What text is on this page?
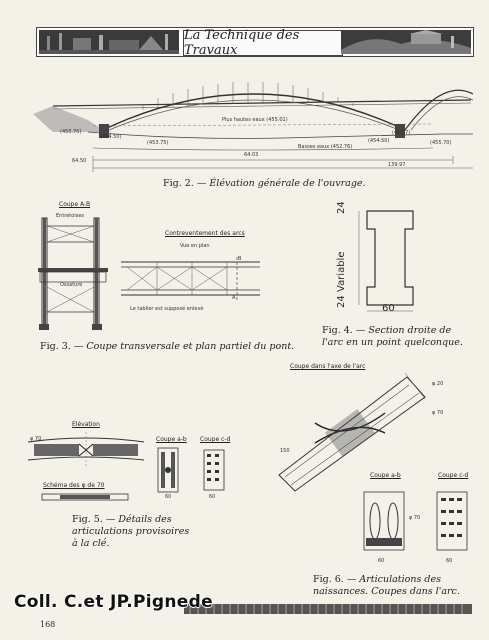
La Technique des Travaux
Plus hautes eaux (455.01)
Basses eaux (452.76)
(455.70)
(454.50)
(453.75)	(454.50)	(455.70)
(450.7)
64.50
64.03
139.97
Fig. 2. — Élévation générale de l'ouvrage.
Coupe A.B
Entretoises
Ossature
Contreventement des arcs
Vue en plan
B
A
Le tablier est supposé enlevé
Fig. 3. — Coupe transversale et plan partiel du pont.
24
Variable
24
60
Fig. 4. — Section droite de l'arc en un point quelconque.
Elévation
φ 70
Schéma des φ de 70
Coupe a-b Coupe c-d
60	60
Fig. 5. — Détails des articulations provisoires à la clé.
Coupe dans l'axe de l'arc
φ 20
φ 70
150
Coupe a-b
φ 70
60
Coupe c-d
60
Fig. 6. — Articulations des naissances. Coupes dans l'arc.
Coll. C.et JP.Pignede
168
